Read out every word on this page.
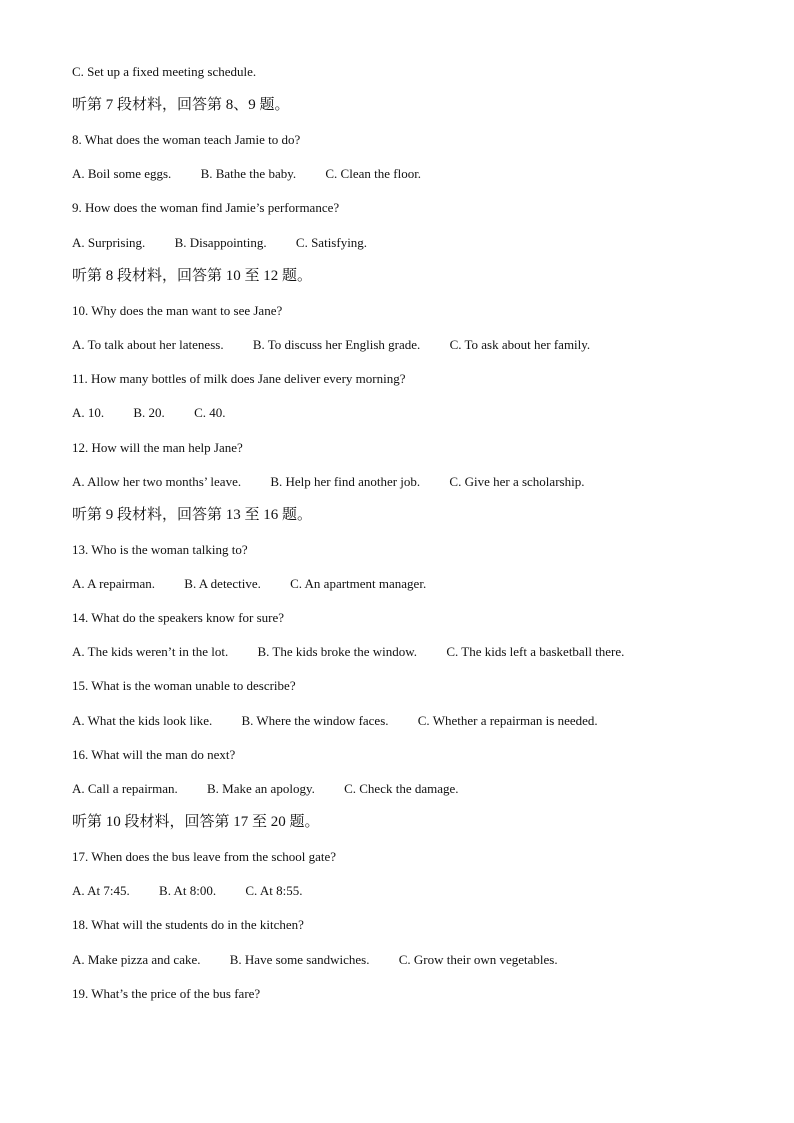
C. Set up a fixed meeting schedule.
听第 7 段材料，回答第 8、9 题。
8. What does the woman teach Jamie to do?
A. Boil some eggs. B. Bathe the baby. C. Clean the floor.
9. How does the woman find Jamie’s performance?
A. Surprising. B. Disappointing. C. Satisfying.
听第 8 段材料，回答第 10 至 12 题。
10. Why does the man want to see Jane?
A. To talk about her lateness. B. To discuss her English grade. C. To ask about her family.
11. How many bottles of milk does Jane deliver every morning?
A. 10. B. 20. C. 40.
12. How will the man help Jane?
A. Allow her two months’ leave. B. Help her find another job. C. Give her a scholarship.
听第 9 段材料，回答第 13 至 16 题。
13. Who is the woman talking to?
A. A repairman. B. A detective. C. An apartment manager.
14. What do the speakers know for sure?
A. The kids weren’t in the lot. B. The kids broke the window. C. The kids left a basketball there.
15. What is the woman unable to describe?
A. What the kids look like. B. Where the window faces. C. Whether a repairman is needed.
16. What will the man do next?
A. Call a repairman. B. Make an apology. C. Check the damage.
听第 10 段材料，回答第 17 至 20 题。
17. When does the bus leave from the school gate?
A. At 7:45. B. At 8:00. C. At 8:55.
18. What will the students do in the kitchen?
A. Make pizza and cake. B. Have some sandwiches. C. Grow their own vegetables.
19. What’s the price of the bus fare?
